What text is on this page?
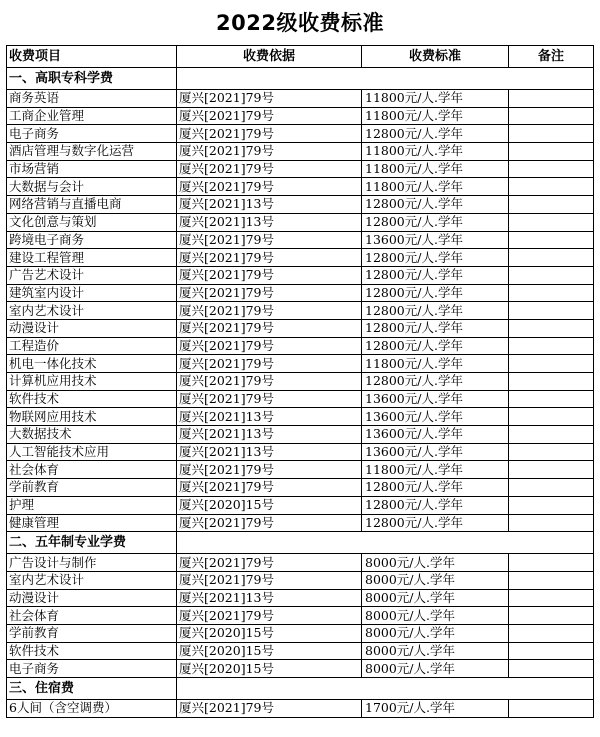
2022级收费标准
收费项目	收费依据	收费标准	备注
一、高职专科学费			
商务英语	厦兴[2021]79号	11800元/人.学年	
工商企业管理	厦兴[2021]79号	11800元/人.学年	
电子商务	厦兴[2021]79号	12800元/人.学年	
酒店管理与数字化运营	厦兴[2021]79号	11800元/人.学年	
市场营销	厦兴[2021]79号	11800元/人.学年	
大数据与会计	厦兴[2021]79号	11800元/人.学年	
网络营销与直播电商	厦兴[2021]13号	12800元/人.学年	
文化创意与策划	厦兴[2021]13号	12800元/人.学年	
跨境电子商务	厦兴[2021]79号	13600元/人.学年	
建设工程管理	厦兴[2021]79号	12800元/人.学年	
广告艺术设计	厦兴[2021]79号	12800元/人.学年	
建筑室内设计	厦兴[2021]79号	12800元/人.学年	
室内艺术设计	厦兴[2021]79号	12800元/人.学年	
动漫设计	厦兴[2021]79号	12800元/人.学年	
工程造价	厦兴[2021]79号	12800元/人.学年	
机电一体化技术	厦兴[2021]79号	11800元/人.学年	
计算机应用技术	厦兴[2021]79号	12800元/人.学年	
软件技术	厦兴[2021]79号	13600元/人.学年	
物联网应用技术	厦兴[2021]13号	13600元/人.学年	
大数据技术	厦兴[2021]13号	13600元/人.学年	
人工智能技术应用	厦兴[2021]13号	13600元/人.学年	
社会体育	厦兴[2021]79号	11800元/人.学年	
学前教育	厦兴[2021]79号	12800元/人.学年	
护理	厦兴[2020]15号	12800元/人.学年	
健康管理	厦兴[2021]79号	12800元/人.学年	
二、五年制专业学费			
广告设计与制作	厦兴[2021]79号	8000元/人.学年	
室内艺术设计	厦兴[2021]79号	8000元/人.学年	
动漫设计	厦兴[2021]13号	8000元/人.学年	
社会体育	厦兴[2021]79号	8000元/人.学年	
学前教育	厦兴[2020]15号	8000元/人.学年	
软件技术	厦兴[2020]15号	8000元/人.学年	
电子商务	厦兴[2020]15号	8000元/人.学年	
三、住宿费			
6人间（含空调费）	厦兴[2021]79号	1700元/人.学年	
